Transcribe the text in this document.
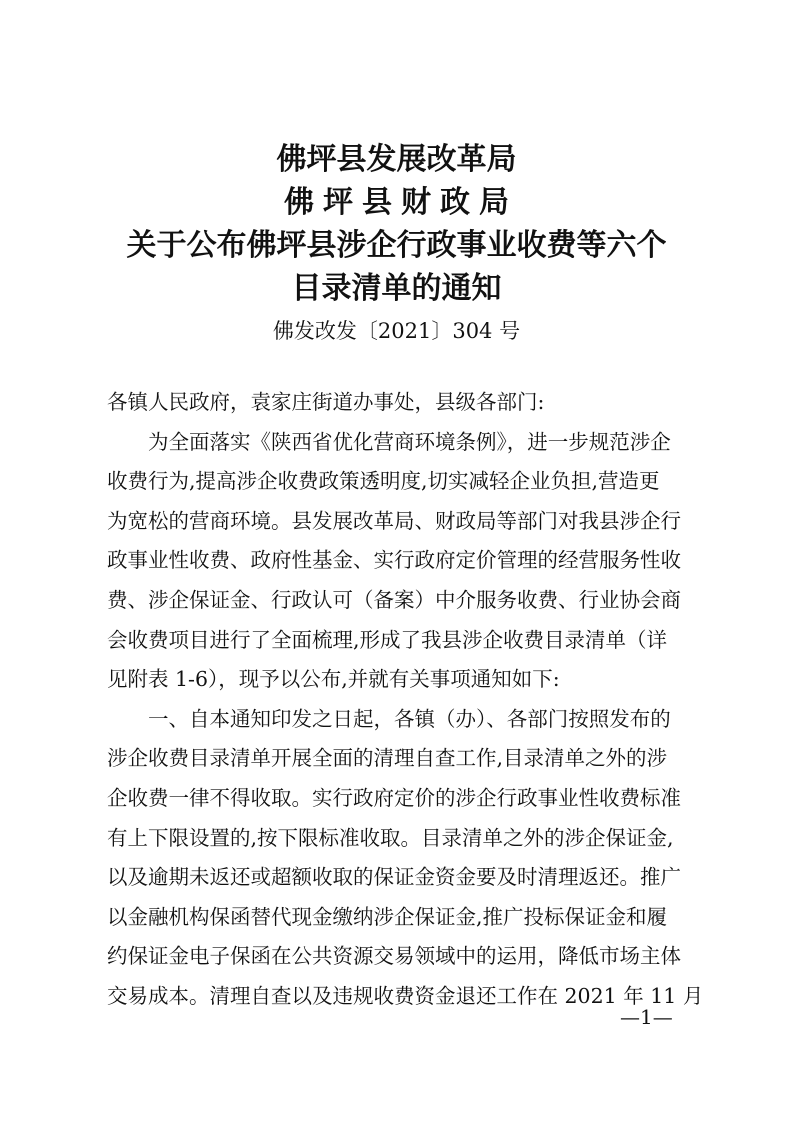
佛坪县发展改革局
佛坪县财政局
关于公布佛坪县涉企行政事业收费等六个
目录清单的通知
佛发改发〔2021〕304 号
各镇人民政府，袁家庄街道办事处，县级各部门:
为全面落实《陕西省优化营商环境条例》，进一步规范涉企
收费行为,提高涉企收费政策透明度,切实减轻企业负担,营造更
为宽松的营商环境。县发展改革局、财政局等部门对我县涉企行
政事业性收费、政府性基金、实行政府定价管理的经营服务性收
费、涉企保证金、行政认可（备案）中介服务收费、行业协会商
会收费项目进行了全面梳理,形成了我县涉企收费目录清单（详
见附表 1-6），现予以公布,并就有关事项通知如下:
一、自本通知印发之日起，各镇（办）、各部门按照发布的
涉企收费目录清单开展全面的清理自查工作,目录清单之外的涉
企收费一律不得收取。实行政府定价的涉企行政事业性收费标准
有上下限设置的,按下限标准收取。目录清单之外的涉企保证金,
以及逾期未返还或超额收取的保证金资金要及时清理返还。推广
以金融机构保函替代现金缴纳涉企保证金,推广投标保证金和履
约保证金电子保函在公共资源交易领域中的运用，降低市场主体
交易成本。清理自查以及违规收费资金退还工作在 2021 年 11 月
—1—
